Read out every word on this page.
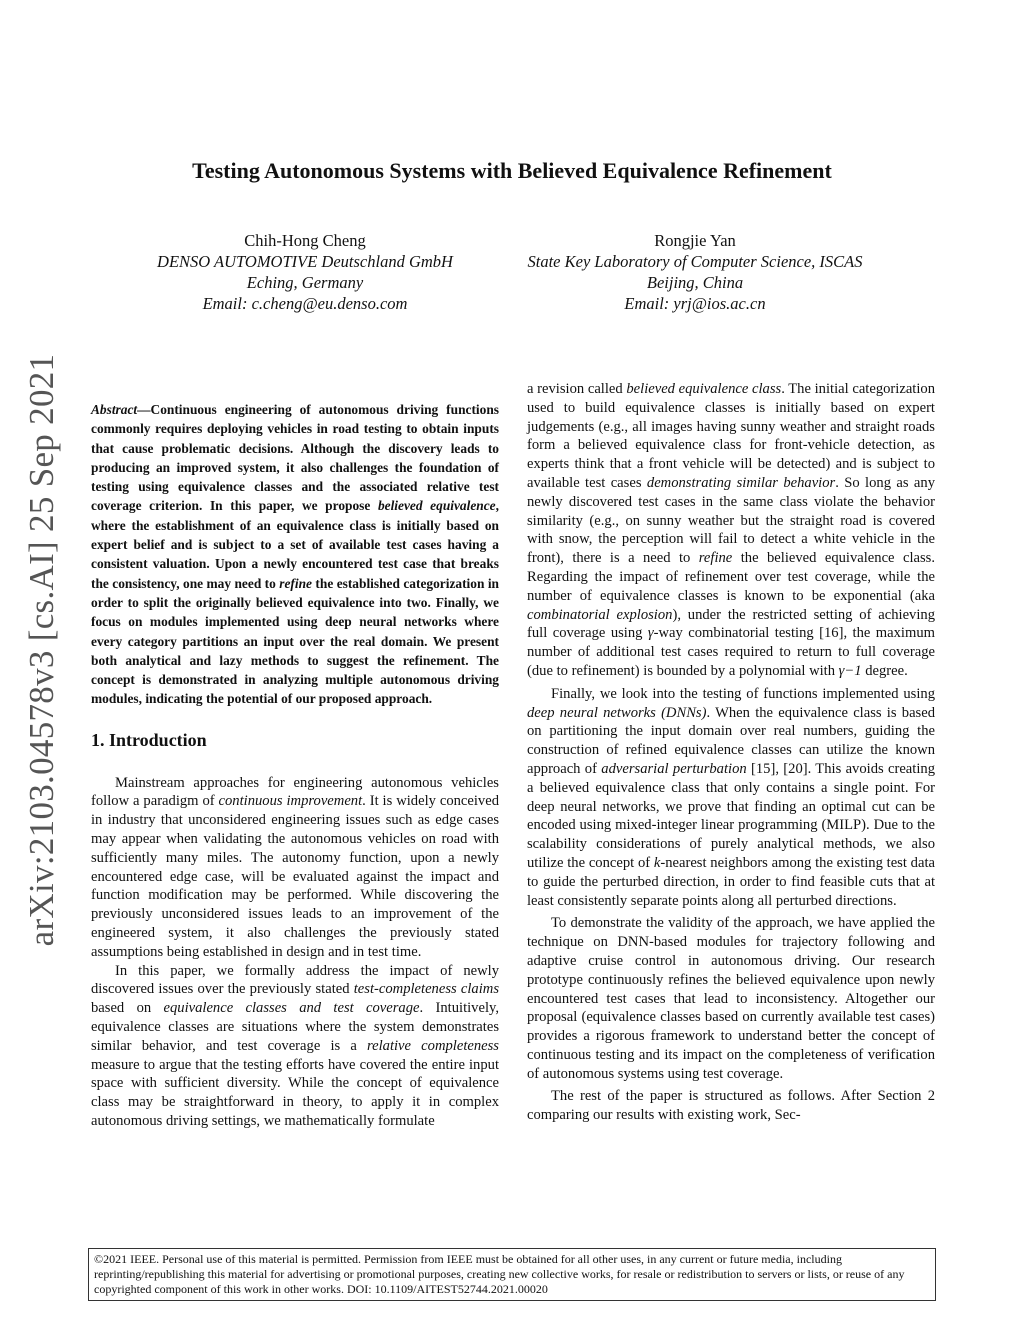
arXiv:2103.04578v3 [cs.AI] 25 Sep 2021
Testing Autonomous Systems with Believed Equivalence Refinement
Chih-Hong Cheng
DENSO AUTOMOTIVE Deutschland GmbH
Eching, Germany
Email: c.cheng@eu.denso.com
Rongjie Yan
State Key Laboratory of Computer Science, ISCAS
Beijing, China
Email: yrj@ios.ac.cn

Abstract—Continuous engineering of autonomous driving functions commonly requires deploying vehicles in road testing to obtain inputs that cause problematic decisions. Although the discovery leads to producing an improved system, it also challenges the foundation of testing using equivalence classes and the associated relative test coverage criterion. In this paper, we propose believed equivalence, where the establishment of an equivalence class is initially based on expert belief and is subject to a set of available test cases having a consistent valuation. Upon a newly encountered test case that breaks the consistency, one may need to refine the established categorization in order to split the originally believed equivalence into two. Finally, we focus on modules implemented using deep neural networks where every category partitions an input over the real domain. We present both analytical and lazy methods to suggest the refinement. The concept is demonstrated in analyzing multiple autonomous driving modules, indicating the potential of our proposed approach.

1. Introduction

Mainstream approaches for engineering autonomous vehicles follow a paradigm of continuous improvement. It is widely conceived in industry that unconsidered engineering issues such as edge cases may appear when validating the autonomous vehicles on road with sufficiently many miles. The autonomy function, upon a newly encountered edge case, will be evaluated against the impact and function modification may be performed. While discovering the previously unconsidered issues leads to an improvement of the engineered system, it also challenges the previously stated assumptions being established in design and in test time.

In this paper, we formally address the impact of newly discovered issues over the previously stated test-completeness claims based on equivalence classes and test coverage. Intuitively, equivalence classes are situations where the system demonstrates similar behavior, and test coverage is a relative completeness measure to argue that the testing efforts have covered the entire input space with sufficient diversity. While the concept of equivalence class may be straightforward in theory, to apply it in complex autonomous driving settings, we mathematically formulate

a revision called believed equivalence class. The initial categorization used to build equivalence classes is initially based on expert judgements (e.g., all images having sunny weather and straight roads form a believed equivalence class for front-vehicle detection, as experts think that a front vehicle will be detected) and is subject to available test cases demonstrating similar behavior. So long as any newly discovered test cases in the same class violate the behavior similarity (e.g., on sunny weather but the straight road is covered with snow, the perception will fail to detect a white vehicle in the front), there is a need to refine the believed equivalence class. Regarding the impact of refinement over test coverage, while the number of equivalence classes is known to be exponential (aka combinatorial explosion), under the restricted setting of achieving full coverage using γ-way combinatorial testing [16], the maximum number of additional test cases required to return to full coverage (due to refinement) is bounded by a polynomial with γ−1 degree.

Finally, we look into the testing of functions implemented using deep neural networks (DNNs). When the equivalence class is based on partitioning the input domain over real numbers, guiding the construction of refined equivalence classes can utilize the known approach of adversarial perturbation [15], [20]. This avoids creating a believed equivalence class that only contains a single point. For deep neural networks, we prove that finding an optimal cut can be encoded using mixed-integer linear programming (MILP). Due to the scalability considerations of purely analytical methods, we also utilize the concept of k-nearest neighbors among the existing test data to guide the perturbed direction, in order to find feasible cuts that at least consistently separate points along all perturbed directions.

To demonstrate the validity of the approach, we have applied the technique on DNN-based modules for trajectory following and adaptive cruise control in autonomous driving. Our research prototype continuously refines the believed equivalence upon newly encountered test cases that lead to inconsistency. Altogether our proposal (equivalence classes based on currently available test cases) provides a rigorous framework to understand better the concept of continuous testing and its impact on the completeness of verification of autonomous systems using test coverage.

The rest of the paper is structured as follows. After Section 2 comparing our results with existing work, Sec-

©2021 IEEE. Personal use of this material is permitted. Permission from IEEE must be obtained for all other uses, in any current or future media, including reprinting/republishing this material for advertising or promotional purposes, creating new collective works, for resale or redistribution to servers or lists, or reuse of any copyrighted component of this work in other works. DOI: 10.1109/AITEST52744.2021.00020
